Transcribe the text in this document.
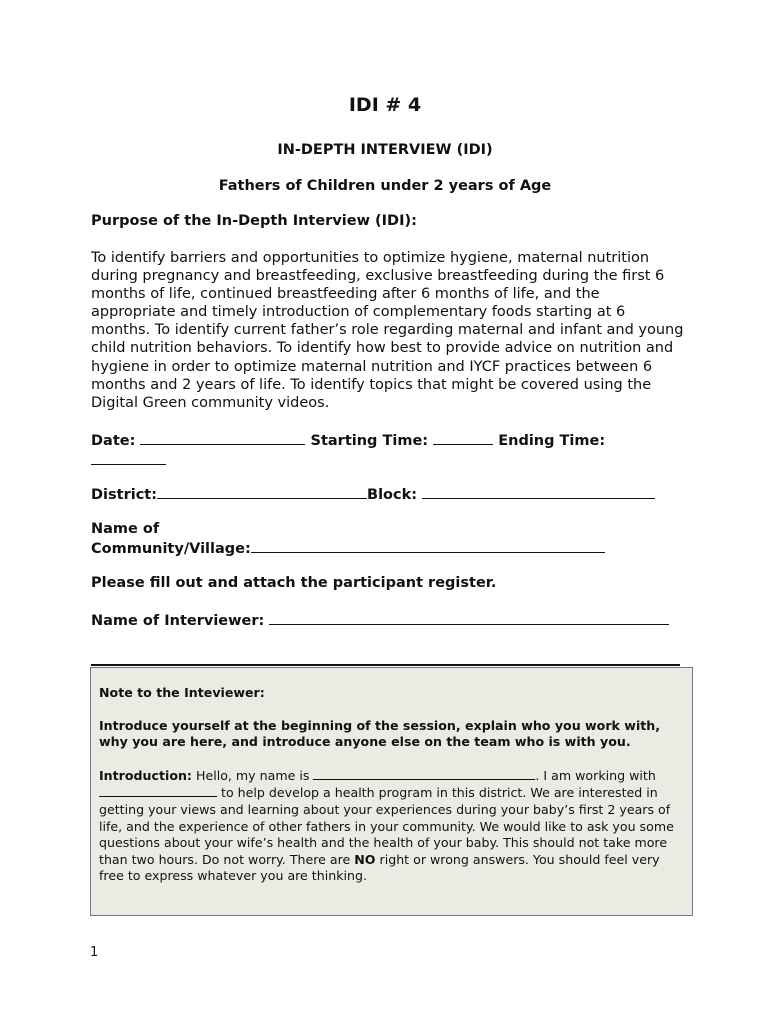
IDI # 4
IN-DEPTH INTERVIEW (IDI)
Fathers of Children under 2 years of Age
Purpose of the In-Depth Interview (IDI):
To identify barriers and opportunities to optimize hygiene, maternal nutrition during pregnancy and breastfeeding, exclusive breastfeeding during the first 6 months of life, continued breastfeeding after 6 months of life, and the appropriate and timely introduction of complementary foods starting at 6 months. To identify current father’s role regarding maternal and infant and young child nutrition behaviors. To identify how best to provide advice on nutrition and hygiene in order to optimize maternal nutrition and IYCF practices between 6 months and 2 years of life. To identify topics that might be covered using the Digital Green community videos.
Date:	Starting Time:	Ending Time:

District:	Block:
Name of
Community/Village:
Please fill out and attach the participant register.
Name of Interviewer:

Note to the Inteviewer:

Introduce yourself at the beginning of the session, explain who you work with, why you are here, and introduce anyone else on the team who is with you.

Introduction: Hello, my name is	. I am working with  to help develop a health program in this district. We are interested in getting your views and learning about your experiences during your baby’s first 2 years of life, and the experience of other fathers in your community. We would like to ask you some questions about your wife’s health and the health of your baby. This should not take more than two hours. Do not worry. There are NO right or wrong answers. You should feel very free to express whatever you are thinking.

1
